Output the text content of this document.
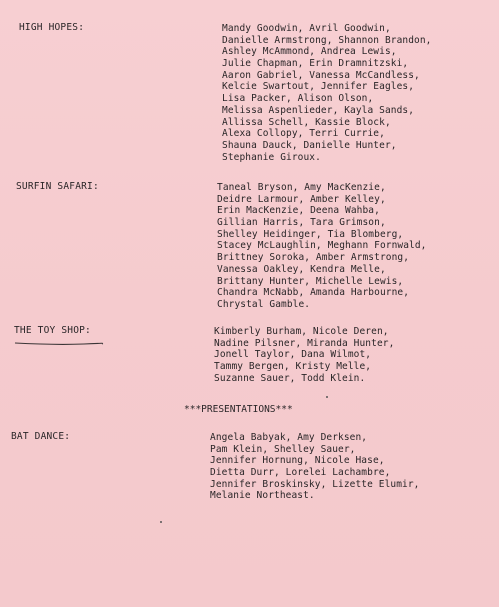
HIGH HOPES:	Mandy Goodwin, Avril Goodwin,
Danielle Armstrong, Shannon Brandon,
Ashley McAmmond, Andrea Lewis,
Julie Chapman, Erin Dramnitzski,
Aaron Gabriel, Vanessa McCandless,
Kelcie Swartout, Jennifer Eagles,
Lisa Packer, Alison Olson,
Melissa Aspenlieder, Kayla Sands,
Allissa Schell, Kassie Block,
Alexa Collopy, Terri Currie,
Shauna Dauck, Danielle Hunter,
Stephanie Giroux.
SURFIN SAFARI:	Taneal Bryson, Amy MacKenzie,
Deidre Larmour, Amber Kelley,
Erin MacKenzie, Deena Wahba,
Gillian Harris, Tara Grimson,
Shelley Heidinger, Tia Blomberg,
Stacey McLaughlin, Meghann Fornwald,
Brittney Soroka, Amber Armstrong,
Vanessa Oakley, Kendra Melle,
Brittany Hunter, Michelle Lewis,
Chandra McNabb, Amanda Harbourne,
Chrystal Gamble.
THE TOY SHOP:	Kimberly Burham, Nicole Deren,
Nadine Pilsner, Miranda Hunter,
Jonell Taylor, Dana Wilmot,
Tammy Bergen, Kristy Melle,
Suzanne Sauer, Todd Klein.
***PRESENTATIONS***
BAT DANCE:	Angela Babyak, Amy Derksen,
Pam Klein, Shelley Sauer,
Jennifer Hornung, Nicole Hase,
Dietta Durr, Lorelei Lachambre,
Jennifer Broskinsky, Lizette Elumir,
Melanie Northeast.
